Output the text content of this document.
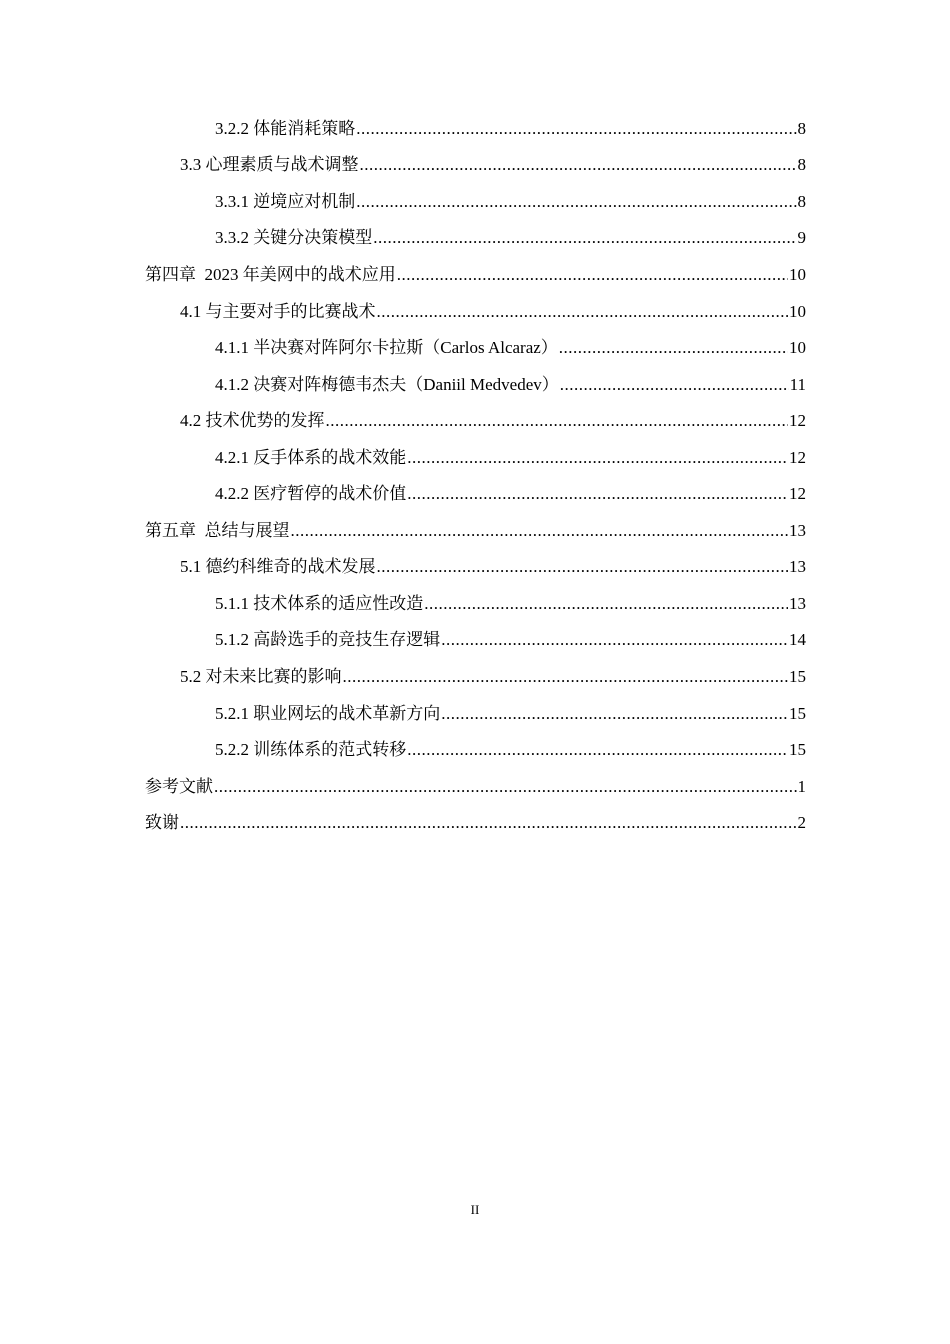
3.2.2 体能消耗策略 .....	8
3.3 心理素质与战术调整 .....	8
3.3.1 逆境应对机制 .....	8
3.3.2 关键分决策模型 .....	9
第四章  2023 年美网中的战术应用 .....	10
4.1 与主要对手的比赛战术 .....	10
4.1.1 半决赛对阵阿尔卡拉斯（Carlos Alcaraz） .....	10
4.1.2 决赛对阵梅德韦杰夫（Daniil Medvedev） .....	11
4.2 技术优势的发挥 .....	12
4.2.1 反手体系的战术效能 .....	12
4.2.2 医疗暂停的战术价值 .....	12
第五章  总结与展望 .....	13
5.1 德约科维奇的战术发展 .....	13
5.1.1 技术体系的适应性改造 .....	13
5.1.2 高龄选手的竞技生存逻辑 .....	14
5.2 对未来比赛的影响 .....	15
5.2.1 职业网坛的战术革新方向 .....	15
5.2.2 训练体系的范式转移 .....	15
参考文献 .....	1
致谢 .....	2
II
